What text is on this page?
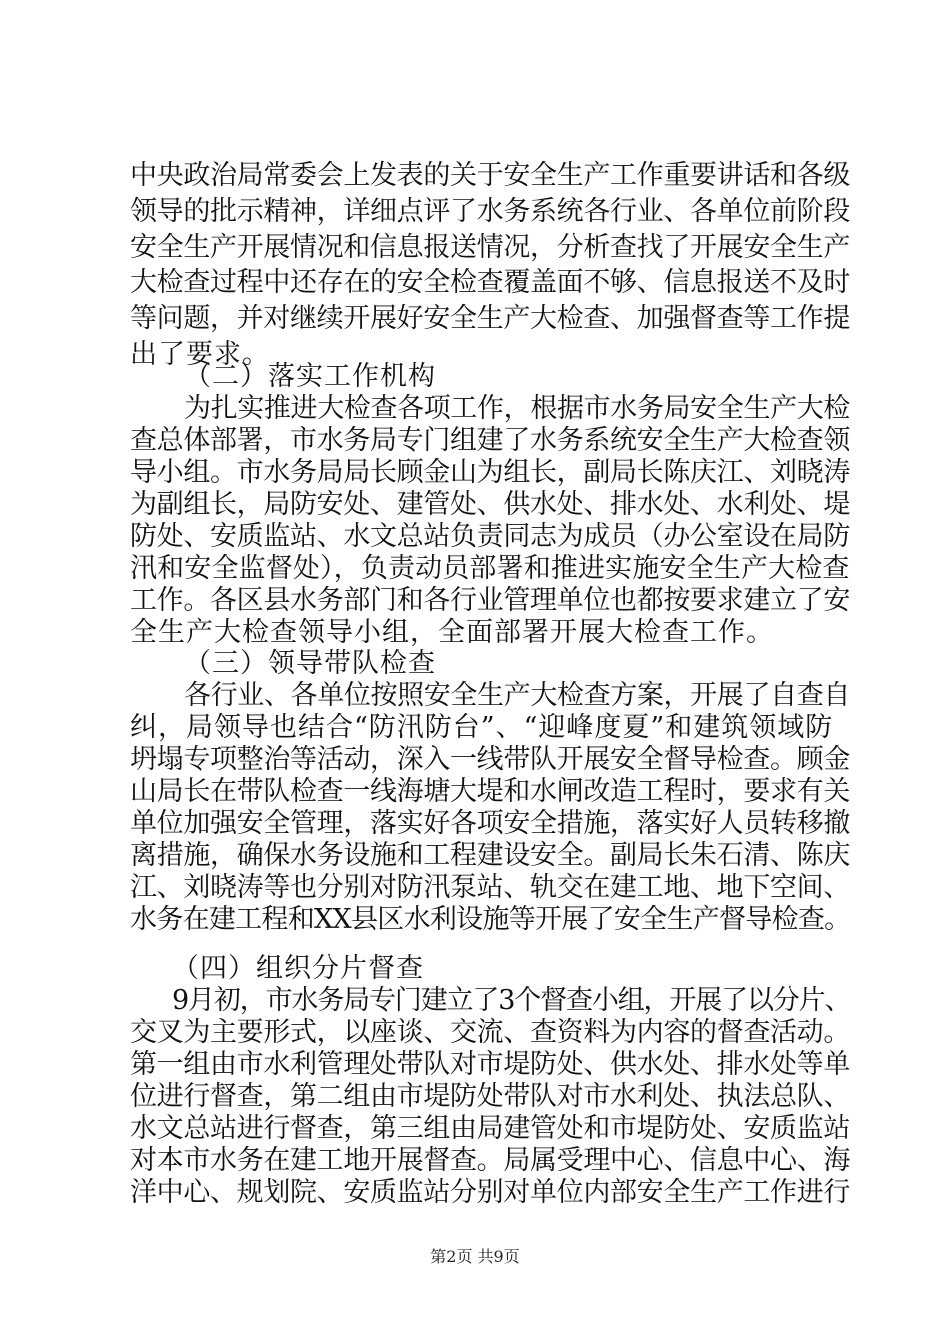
中央政治局常委会上发表的关于安全生产工作重要讲话和各级
领导的批示精神，详细点评了水务系统各行业、各单位前阶段
安全生产开展情况和信息报送情况，分析查找了开展安全生产
大检查过程中还存在的安全检查覆盖面不够、信息报送不及时
等问题，并对继续开展好安全生产大检查、加强督查等工作提
出了要求。
（二）落实工作机构
为扎实推进大检查各项工作，根据市水务局安全生产大检
查总体部署，市水务局专门组建了水务系统安全生产大检查领
导小组。市水务局局长顾金山为组长，副局长陈庆江、刘晓涛
为副组长，局防安处、建管处、供水处、排水处、水利处、堤
防处、安质监站、水文总站负责同志为成员（办公室设在局防
汛和安全监督处），负责动员部署和推进实施安全生产大检查
工作。各区县水务部门和各行业管理单位也都按要求建立了安
全生产大检查领导小组，全面部署开展大检查工作。
（三）领导带队检查
各行业、各单位按照安全生产大检查方案，开展了自查自
纠，局领导也结合“防汛防台”、“迎峰度夏”和建筑领域防
坍塌专项整治等活动，深入一线带队开展安全督导检查。顾金
山局长在带队检查一线海塘大堤和水闸改造工程时，要求有关
单位加强安全管理，落实好各项安全措施，落实好人员转移撤
离措施，确保水务设施和工程建设安全。副局长朱石清、陈庆
江、刘晓涛等也分别对防汛泵站、轨交在建工地、地下空间、
水务在建工程和XX县区水利设施等开展了安全生产督导检查。
（四）组织分片督查
9月初，市水务局专门建立了3个督查小组，开展了以分片、
交叉为主要形式，以座谈、交流、查资料为内容的督查活动。
第一组由市水利管理处带队对市堤防处、供水处、排水处等单
位进行督查，第二组由市堤防处带队对市水利处、执法总队、
水文总站进行督查，第三组由局建管处和市堤防处、安质监站
对本市水务在建工地开展督查。局属受理中心、信息中心、海
洋中心、规划院、安质监站分别对单位内部安全生产工作进行
第2页 共9页
